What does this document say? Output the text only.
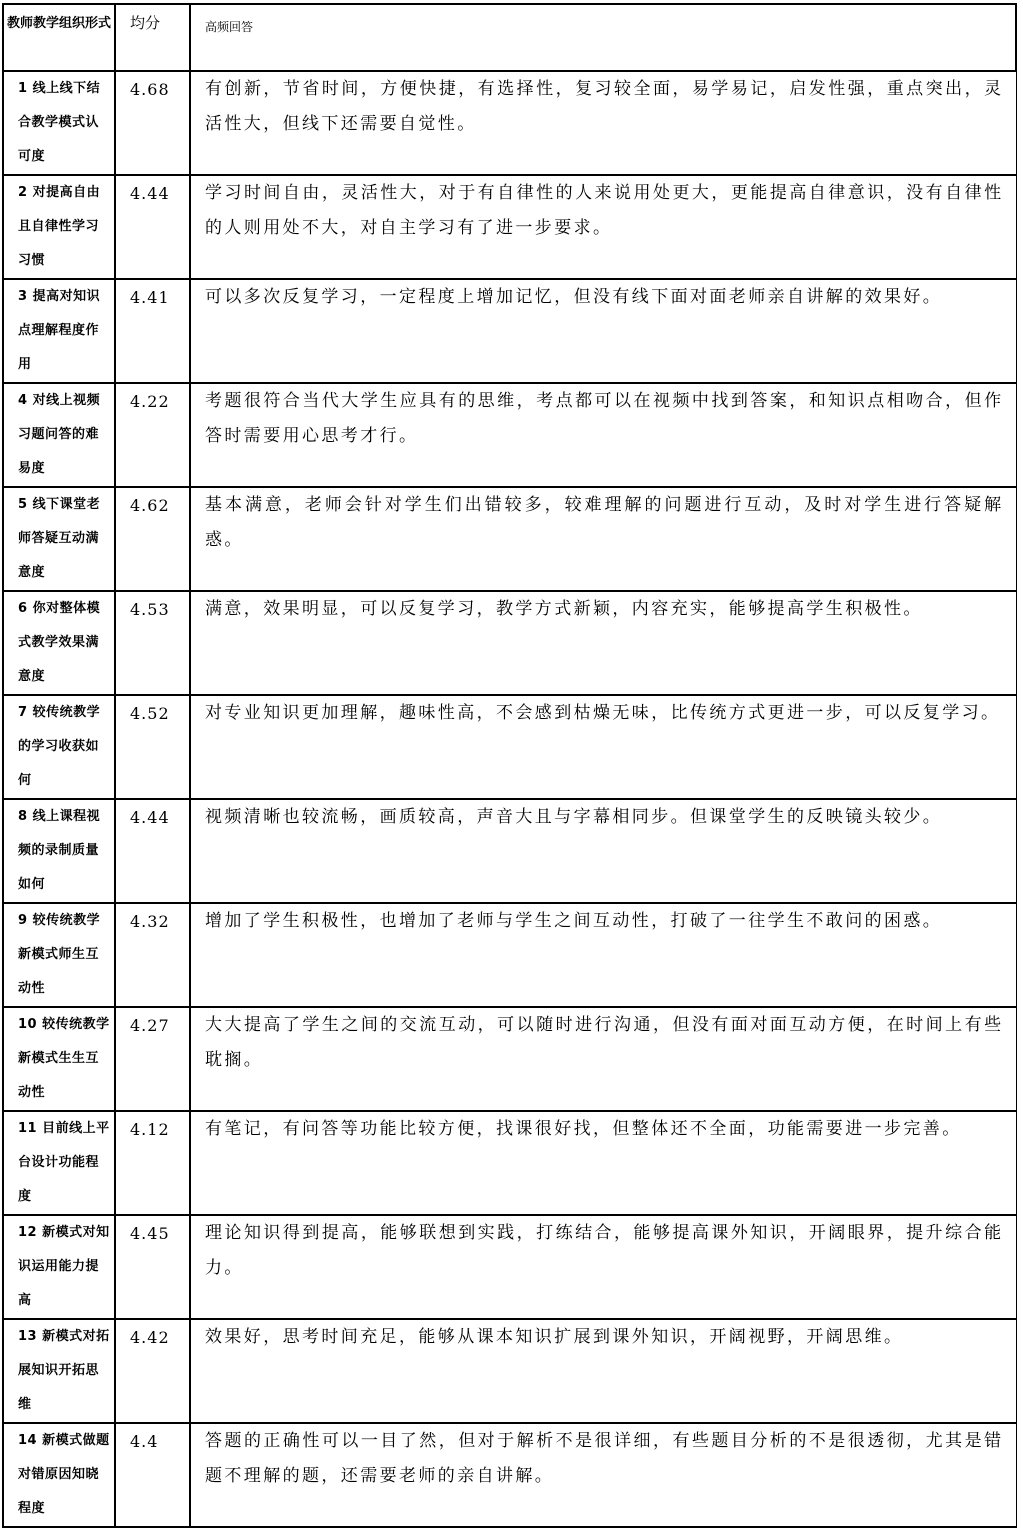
教师教学组织形式	均分	高频回答

1 线上线下结合教学模式认可度	4.68	有创新，节省时间，方便快捷，有选择性，复习较全面，易学易记，启发性强，重点突出，灵活性大，但线下还需要自觉性。

2 对提高自由且自律性学习习惯	4.44	学习时间自由，灵活性大，对于有自律性的人来说用处更大，更能提高自律意识，没有自律性的人则用处不大，对自主学习有了进一步要求。

3 提高对知识点理解程度作用	4.41	可以多次反复学习，一定程度上增加记忆，但没有线下面对面老师亲自讲解的效果好。

4 对线上视频习题问答的难易度	4.22	考题很符合当代大学生应具有的思维，考点都可以在视频中找到答案，和知识点相吻合，但作答时需要用心思考才行。

5 线下课堂老师答疑互动满意度	4.62	基本满意，老师会针对学生们出错较多，较难理解的问题进行互动，及时对学生进行答疑解惑。

6 你对整体模式教学效果满意度	4.53	满意，效果明显，可以反复学习，教学方式新颖，内容充实，能够提高学生积极性。

7 较传统教学的学习收获如何	4.52	对专业知识更加理解，趣味性高，不会感到枯燥无味，比传统方式更进一步，可以反复学习。

8 线上课程视频的录制质量如何	4.44	视频清晰也较流畅，画质较高，声音大且与字幕相同步。但课堂学生的反映镜头较少。

9 较传统教学新模式师生互动性	4.32	增加了学生积极性，也增加了老师与学生之间互动性，打破了一往学生不敢问的困惑。

10 较传统教学新模式生生互动性	4.27	大大提高了学生之间的交流互动，可以随时进行沟通，但没有面对面互动方便，在时间上有些耽搁。

11 目前线上平台设计功能程度	4.12	有笔记，有问答等功能比较方便，找课很好找，但整体还不全面，功能需要进一步完善。

12 新模式对知识运用能力提高	4.45	理论知识得到提高，能够联想到实践，打练结合，能够提高课外知识，开阔眼界，提升综合能力。

13 新模式对拓展知识开拓思维	4.42	效果好，思考时间充足，能够从课本知识扩展到课外知识，开阔视野，开阔思维。

14 新模式做题对错原因知晓程度	4.4	答题的正确性可以一目了然，但对于解析不是很详细，有些题目分析的不是很透彻，尤其是错题不理解的题，还需要老师的亲自讲解。
